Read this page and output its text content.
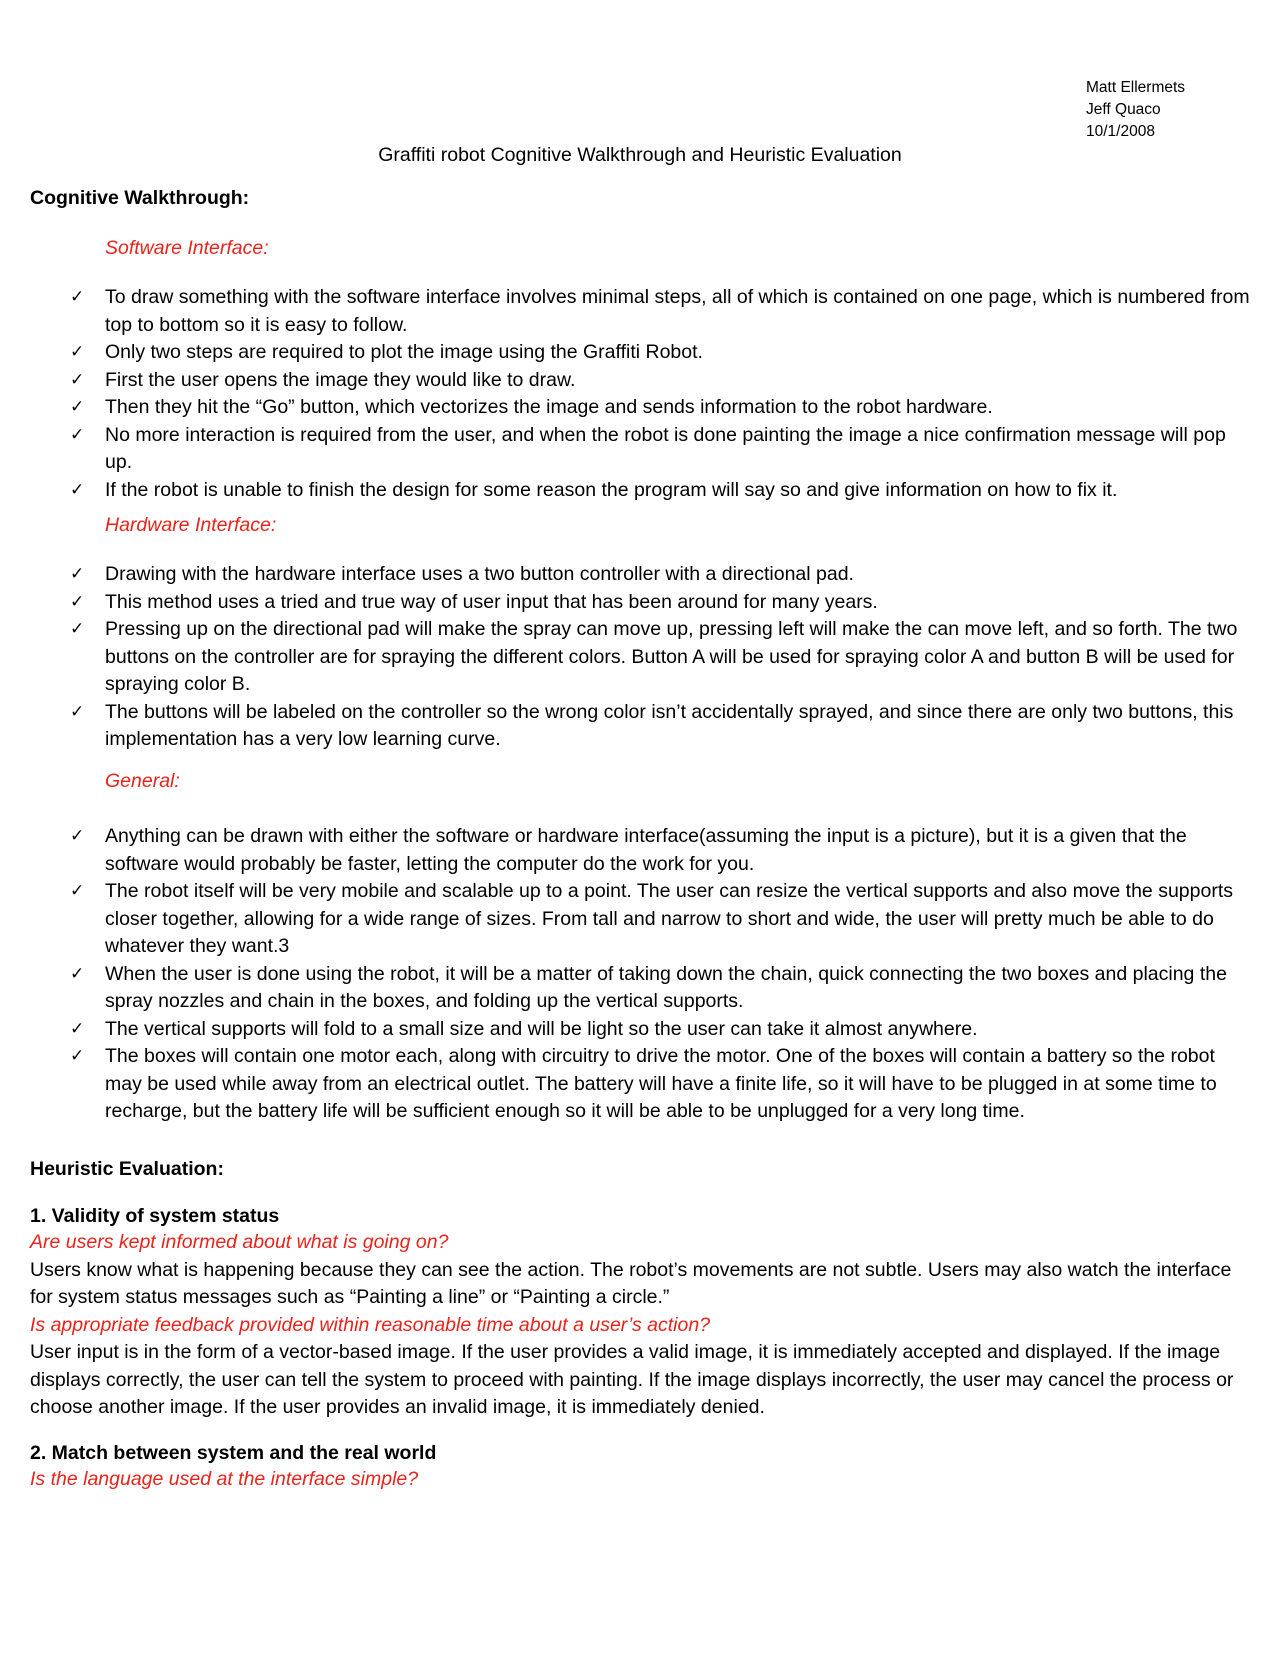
Matt Ellermets
Jeff Quaco
10/1/2008
Graffiti robot Cognitive Walkthrough and Heuristic Evaluation
Cognitive Walkthrough:
Software Interface:
✓ To draw something with the software interface involves minimal steps, all of which is contained on one page, which is numbered from top to bottom so it is easy to follow.
✓ Only two steps are required to plot the image using the Graffiti Robot.
✓ First the user opens the image they would like to draw.
✓ Then they hit the “Go” button, which vectorizes the image and sends information to the robot hardware.
✓ No more interaction is required from the user, and when the robot is done painting the image a nice confirmation message will pop up.
✓ If the robot is unable to finish the design for some reason the program will say so and give information on how to fix it.
Hardware Interface:
✓ Drawing with the hardware interface uses a two button controller with a directional pad.
✓ This method uses a tried and true way of user input that has been around for many years.
✓ Pressing up on the directional pad will make the spray can move up, pressing left will make the can move left, and so forth. The two buttons on the controller are for spraying the different colors. Button A will be used for spraying color A and button B will be used for spraying color B.
✓ The buttons will be labeled on the controller so the wrong color isn’t accidentally sprayed, and since there are only two buttons, this implementation has a very low learning curve.
General:
✓ Anything can be drawn with either the software or hardware interface(assuming the input is a picture), but it is a given that the software would probably be faster, letting the computer do the work for you.
✓ The robot itself will be very mobile and scalable up to a point. The user can resize the vertical supports and also move the supports closer together, allowing for a wide range of sizes. From tall and narrow to short and wide, the user will pretty much be able to do whatever they want.3
✓ When the user is done using the robot, it will be a matter of taking down the chain, quick connecting the two boxes and placing the spray nozzles and chain in the boxes, and folding up the vertical supports.
✓ The vertical supports will fold to a small size and will be light so the user can take it almost anywhere.
✓ The boxes will contain one motor each, along with circuitry to drive the motor. One of the boxes will contain a battery so the robot may be used while away from an electrical outlet. The battery will have a finite life, so it will have to be plugged in at some time to recharge, but the battery life will be sufficient enough so it will be able to be unplugged for a very long time.
Heuristic Evaluation:
1. Validity of system status
Are users kept informed about what is going on?
Users know what is happening because they can see the action. The robot’s movements are not subtle. Users may also watch the interface for system status messages such as “Painting a line” or “Painting a circle.”
Is appropriate feedback provided within reasonable time about a user’s action?
User input is in the form of a vector-based image. If the user provides a valid image, it is immediately accepted and displayed. If the image displays correctly, the user can tell the system to proceed with painting. If the image displays incorrectly, the user may cancel the process or choose another image. If the user provides an invalid image, it is immediately denied.
2. Match between system and the real world
Is the language used at the interface simple?
